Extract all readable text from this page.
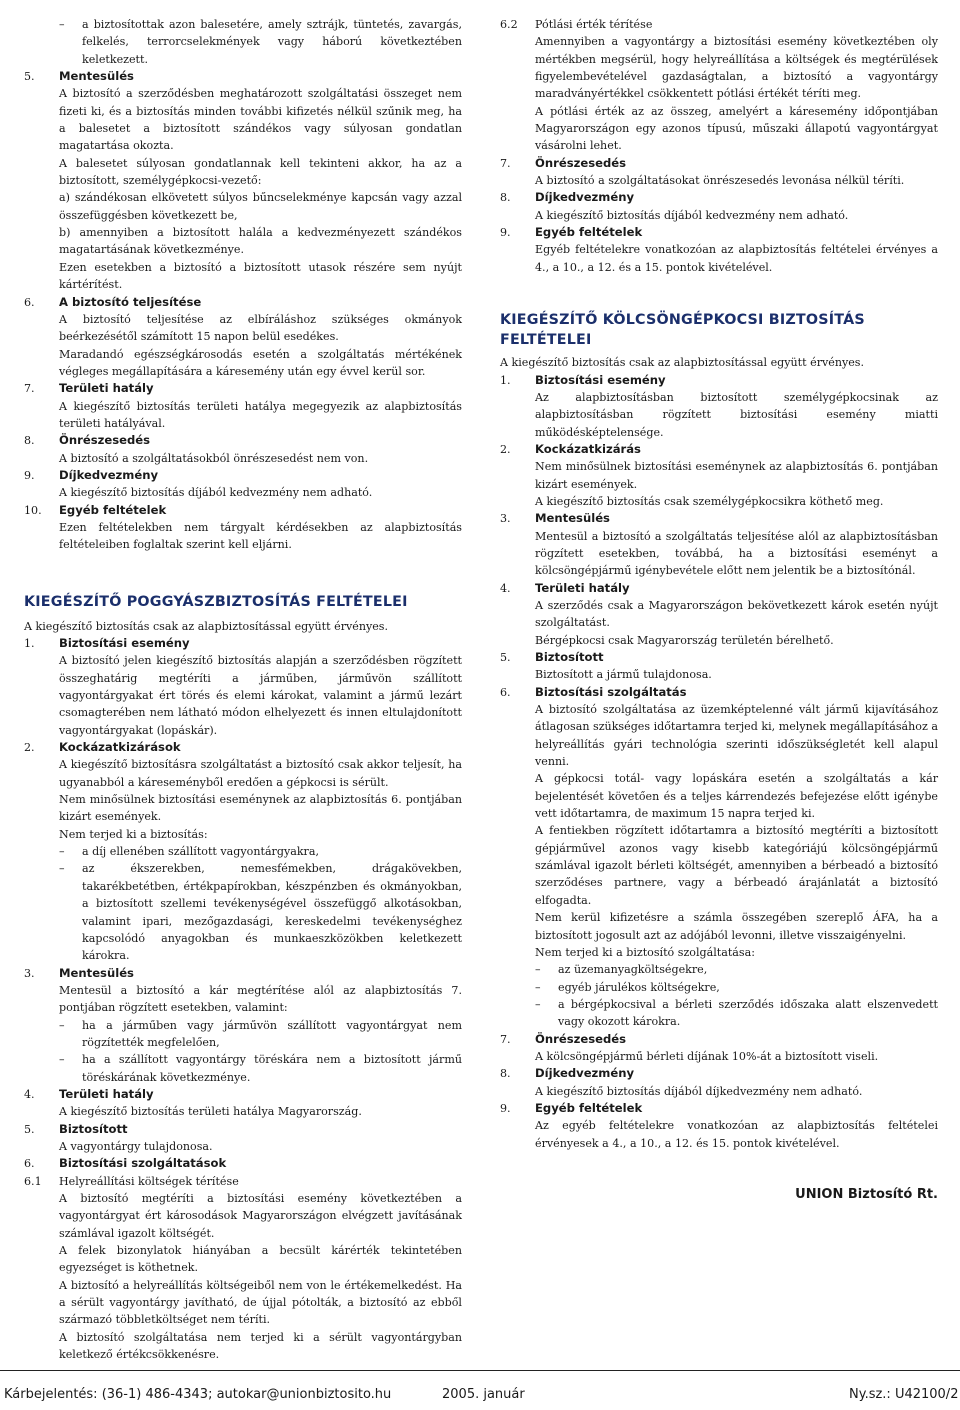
– a biztosítottak azon balesetére, amely sztrájk, tüntetés, zavargás, felkelés, terrorcselekmények vagy háború következtében keletkezett.

5. Mentesülés

A biztosító a szerződésben meghatározott szolgáltatási összeget nem fizeti ki, és a biztosítás minden további kifizetés nélkül szűnik meg, ha a balesetet a biztosított szándékos vagy súlyosan gondatlan magatartása okozta.

A balesetet súlyosan gondatlannak kell tekinteni akkor, ha az a biztosított, személygépkocsi-vezető:

a) szándékosan elkövetett súlyos bűncselekménye kapcsán vagy azzal összefüggésben következett be,

b) amennyiben a biztosított halála a kedvezményezett szándékos magatartásának következménye.

Ezen esetekben a biztosító a biztosított utasok részére sem nyújt kártérítést.

6. A biztosító teljesítése

A biztosító teljesítése az elbíráláshoz szükséges okmányok beérkezésétől számított 15 napon belül esedékes.

Maradandó egészségkárosodás esetén a szolgáltatás mértékének végleges megállapítására a káresemény után egy évvel kerül sor.

7. Területi hatály

A kiegészítő biztosítás területi hatálya megegyezik az alapbiztosítás területi hatályával.

8. Önrészesedés

A biztosító a szolgáltatásokból önrészesedést nem von.

9. Díjkedvezmény

A kiegészítő biztosítás díjából kedvezmény nem adható.

10. Egyéb feltételek

Ezen feltételekben nem tárgyalt kérdésekben az alapbiztosítás feltételeiben foglaltak szerint kell eljárni.

KIEGÉSZÍTŐ POGGYÁSZBIZTOSÍTÁS FELTÉTELEI

A kiegészítő biztosítás csak az alapbiztosítással együtt érvényes.

1. Biztosítási esemény

A biztosító jelen kiegészítő biztosítás alapján a szerződésben rögzített összeghatárig megtéríti a járműben, járművön szállított vagyontárgyakat ért törés és elemi károkat, valamint a jármű lezárt csomagterében nem látható módon elhelyezett és innen eltulajdonított vagyontárgyakat (lopáskár).

2. Kockázatkizárások

A kiegészítő biztosításra szolgáltatást a biztosító csak akkor teljesít, ha ugyanabból a káreseményből eredően a gépkocsi is sérült.

Nem minősülnek biztosítási eseménynek az alapbiztosítás 6. pontjában kizárt események.

Nem terjed ki a biztosítás:

– a díj ellenében szállított vagyontárgyakra,

– az ékszerekben, nemesfémekben, drágakövekben, takarékbetétben, értékpapírokban, készpénzben és okmányokban, a biztosított szellemi tevékenységével összefüggő alkotásokban, valamint ipari, mezőgazdasági, kereskedelmi tevékenységhez kapcsolódó anyagokban és munkaeszközökben keletkezett károkra.

3. Mentesülés

Mentesül a biztosító a kár megtérítése alól az alapbiztosítás 7. pontjában rögzített esetekben, valamint:

– ha a járműben vagy járművön szállított vagyontárgyat nem rögzítették megfelelően,

– ha a szállított vagyontárgy töréskára nem a biztosított jármű töréskárának következménye.

4. Területi hatály

A kiegészítő biztosítás területi hatálya Magyarország.

5. Biztosított

A vagyontárgy tulajdonosa.

6. Biztosítási szolgáltatások

6.1 Helyreállítási költségek térítése

A biztosító megtéríti a biztosítási esemény következtében a vagyontárgyat ért károsodások Magyarországon elvégzett javításának számlával igazolt költségét.

A felek bizonylatok hiányában a becsült kárérték tekintetében egyezséget is köthetnek.

A biztosító a helyreállítás költségeiből nem von le értékemelkedést. Ha a sérült vagyontárgy javítható, de újjal pótolták, a biztosító az ebből származó többletköltséget nem téríti.

A biztosító szolgáltatása nem terjed ki a sérült vagyontárgyban keletkező értékcsökkenésre.

6.2 Pótlási érték térítése

Amennyiben a vagyontárgy a biztosítási esemény következtében oly mértékben megsérül, hogy helyreállítása a költségek és megtérülések figyelembevételével gazdaságtalan, a biztosító a vagyontárgy maradványértékkel csökkentett pótlási értékét téríti meg.

A pótlási érték az az összeg, amelyért a káresemény időpontjában Magyarországon egy azonos típusú, műszaki állapotú vagyontárgyat vásárolni lehet.

7. Önrészesedés

A biztosító a szolgáltatásokat önrészesedés levonása nélkül téríti.

8. Díjkedvezmény

A kiegészítő biztosítás díjából kedvezmény nem adható.

9. Egyéb feltételek

Egyéb feltételekre vonatkozóan az alapbiztosítás feltételei érvényes a 4., a 10., a 12. és a 15. pontok kivételével.

KIEGÉSZÍTŐ KÖLCSÖNGÉPKOCSI BIZTOSÍTÁS FELTÉTELEI

A kiegészítő biztosítás csak az alapbiztosítással együtt érvényes.

1. Biztosítási esemény

Az alapbiztosításban biztosított személygépkocsinak az alapbiztosításban rögzített biztosítási esemény miatti működésképtelensége.

2. Kockázatkizárás

Nem minősülnek biztosítási eseménynek az alapbiztosítás 6. pontjában kizárt események.

A kiegészítő biztosítás csak személygépkocsikra köthető meg.

3. Mentesülés

Mentesül a biztosító a szolgáltatás teljesítése alól az alapbiztosításban rögzített esetekben, továbbá, ha a biztosítási eseményt a kölcsöngépjármű igénybevétele előtt nem jelentik be a biztosítónál.

4. Területi hatály

A szerződés csak a Magyarországon bekövetkezett károk esetén nyújt szolgáltatást.

Bérgépkocsi csak Magyarország területén bérelhető.

5. Biztosított

Biztosított a jármű tulajdonosa.

6. Biztosítási szolgáltatás

A biztosító szolgáltatása az üzemképtelenné vált jármű kijavításához átlagosan szükséges időtartamra terjed ki, melynek megállapításához a helyreállítás gyári technológia szerinti időszükségletét kell alapul venni.

A gépkocsi totál- vagy lopáskára esetén a szolgáltatás a kár bejelentését követően és a teljes kárrendezés befejezése előtt igénybe vett időtartamra, de maximum 15 napra terjed ki.

A fentiekben rögzített időtartamra a biztosító megtéríti a biztosított gépjárművel azonos vagy kisebb kategóriájú kölcsöngépjármű számlával igazolt bérleti költségét, amennyiben a bérbeadó a biztosító szerződéses partnere, vagy a bérbeadó árajánlatát a biztosító elfogadta.

Nem kerül kifizetésre a számla összegében szereplő ÁFA, ha a biztosított jogosult azt az adójából levonni, illetve visszaigényelni.

Nem terjed ki a biztosító szolgáltatása:

– az üzemanyagköltségekre,

– egyéb járulékos költségekre,

– a bérgépkocsival a bérleti szerződés időszaka alatt elszenvedett vagy okozott károkra.

7. Önrészesedés

A kölcsöngépjármű bérleti díjának 10%-át a biztosított viseli.

8. Díjkedvezmény

A kiegészítő biztosítás díjából díjkedvezmény nem adható.

9. Egyéb feltételek

Az egyéb feltételekre vonatkozóan az alapbiztosítás feltételei érvényesek a 4., a 10., a 12. és 15. pontok kivételével.

UNION Biztosító Rt.

Kárbejelentés: (36-1) 486-4343; autokar@unionbiztosito.hu	2005. január	Ny.sz.: U42100/2
